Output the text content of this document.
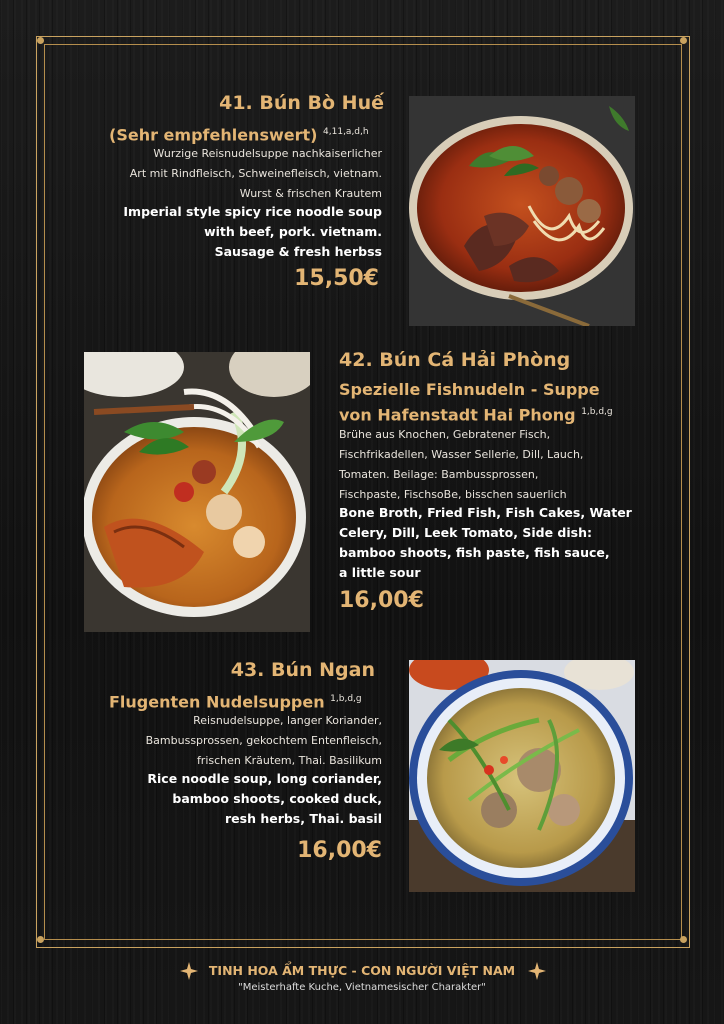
41. Bún Bò Huế
(Sehr empfehlenswert) $^{4,11,a,d,h}$
Wurzige Reisnudelsuppe nachkaiserlicher
Art mit Rindfleisch, Schweinefleisch, vietnam.
Wurst & frischen Krautem
Imperial style spicy rice noodle soup
with beef, pork. vietnam.
Sausage & fresh herbss
15,50€
42. Bún Cá Hải Phòng
Spezielle Fishnudeln - Suppe
von Hafenstadt Hai Phong $^{1,b,d,g}$
Brühe aus Knochen, Gebratener Fisch,
Fischfrikadellen, Wasser Sellerie, Dill, Lauch,
Tomaten. Beilage: Bambussprossen,
Fischpaste, FischsoBe, bisschen sauerlich
Bone Broth, Fried Fish, Fish Cakes, Water
Celery, Dill, Leek Tomato, Side dish:
bamboo shoots, fish paste, fish sauce,
a little sour
16,00€
43. Bún Ngan
Flugenten Nudelsuppen $^{1,b,d,g}$
Reisnudelsuppe, langer Koriander,
Bambussprossen, gekochtem Entenfleisch,
frischen Kräutem, Thai. Basilikum
Rice noodle soup, long coriander,
bamboo shoots, cooked duck,
resh herbs, Thai. basil
16,00€
TINH HOA ẨM THỰC - CON NGƯỜI VIỆT NAM
"Meisterhafte Kuche, Vietnamesischer Charakter"
